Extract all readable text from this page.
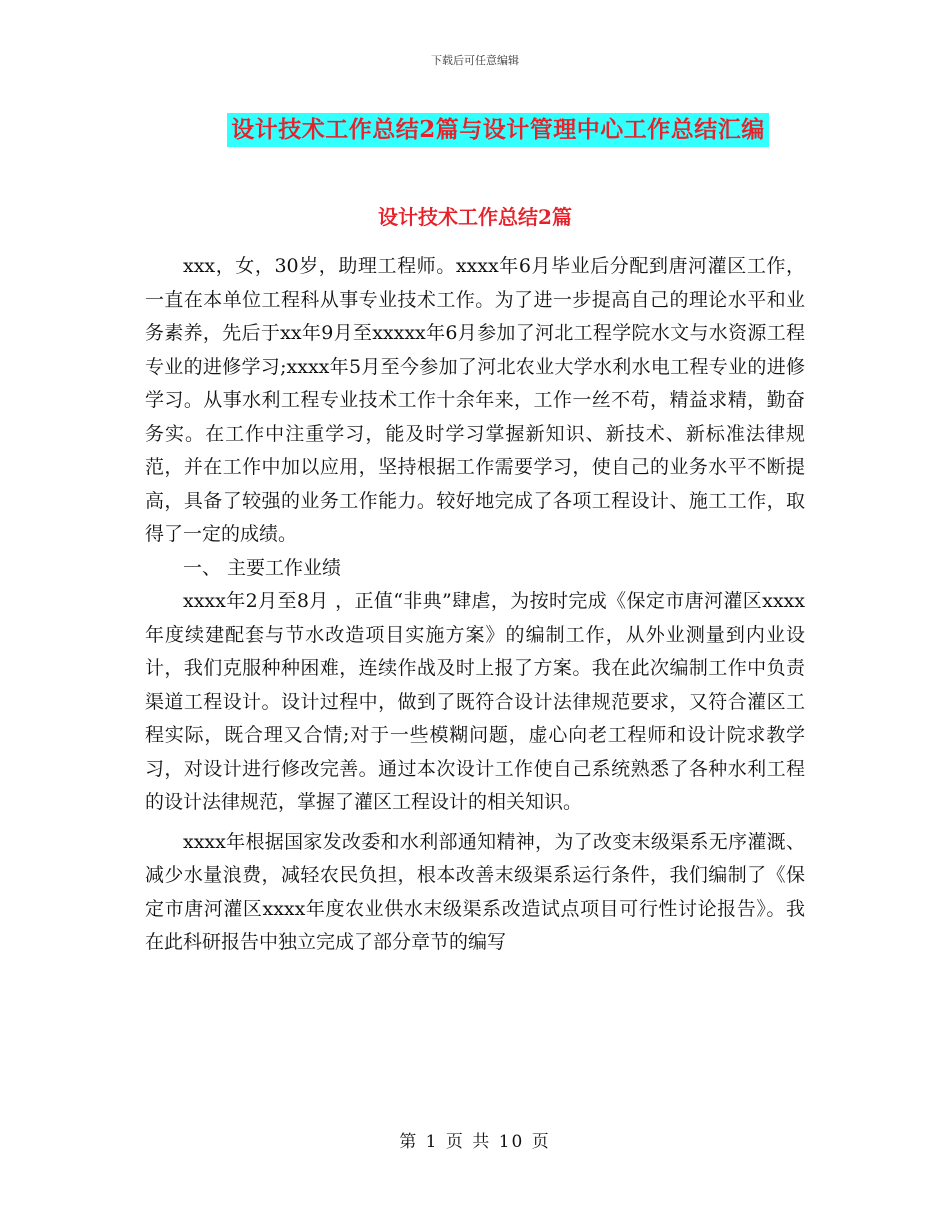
下载后可任意编辑
设计技术工作总结2篇与设计管理中心工作总结汇编
设计技术工作总结2篇

xxx，女，30岁，助理工程师。xxxx年6月毕业后分配到唐河灌区工作，一直在本单位工程科从事专业技术工作。为了进一步提高自己的理论水平和业务素养，先后于xx年9月至xxxxx年6月参加了河北工程学院水文与水资源工程专业的进修学习;xxxx年5月至今参加了河北农业大学水利水电工程专业的进修学习。从事水利工程专业技术工作十余年来，工作一丝不苟，精益求精，勤奋务实。在工作中注重学习，能及时学习掌握新知识、新技术、新标准法律规范，并在工作中加以应用，坚持根据工作需要学习，使自己的业务水平不断提高，具备了较强的业务工作能力。较好地完成了各项工程设计、施工工作，取得了一定的成绩。

一、 主要工作业绩

xxxx年2月至8月 ，正值“非典”肆虐，为按时完成《保定市唐河灌区xxxx年度续建配套与节水改造项目实施方案》的编制工作，从外业测量到内业设计，我们克服种种困难，连续作战及时上报了方案。我在此次编制工作中负责渠道工程设计。设计过程中，做到了既符合设计法律规范要求，又符合灌区工程实际，既合理又合情;对于一些模糊问题，虚心向老工程师和设计院求教学习，对设计进行修改完善。通过本次设计工作使自己系统熟悉了各种水利工程的设计法律规范，掌握了灌区工程设计的相关知识。

xxxx年根据国家发改委和水利部通知精神，为了改变末级渠系无序灌溉、减少水量浪费，减轻农民负担，根本改善末级渠系运行条件，我们编制了《保定市唐河灌区xxxx年度农业供水末级渠系改造试点项目可行性讨论报告》。我在此科研报告中独立完成了部分章节的编写

第 1 页 共 10 页
